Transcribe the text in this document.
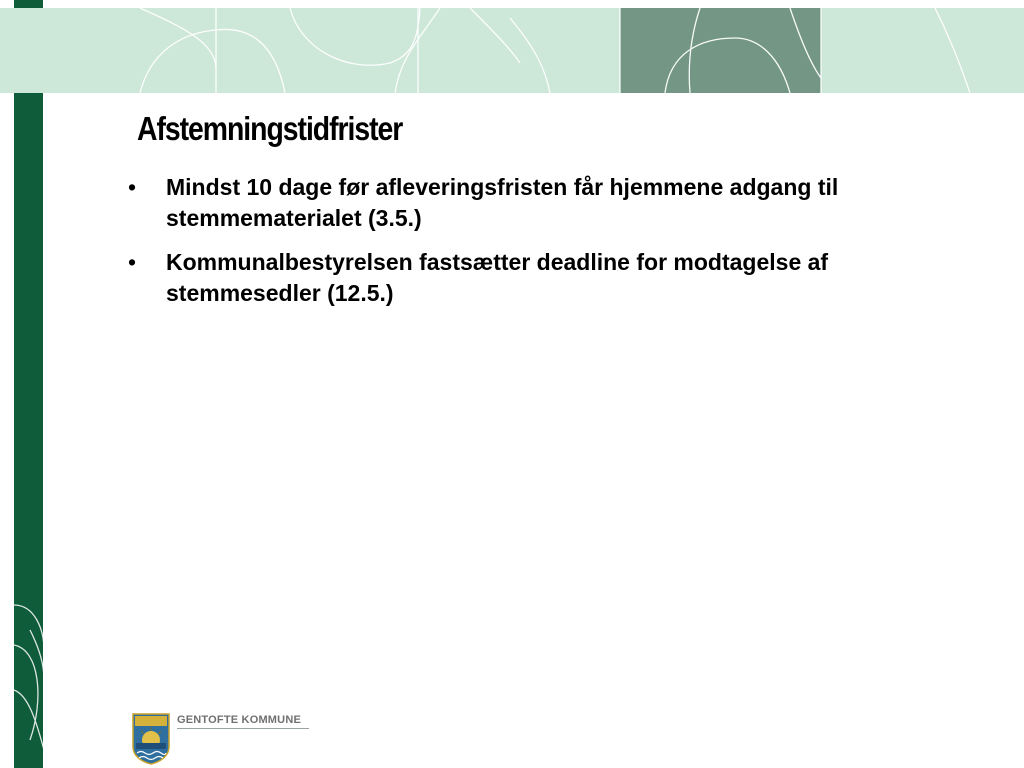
Afstemningstidfrister
• Mindst 10 dage før afleveringsfristen får hjemmene adgang til stemmematerialet (3.5.)
• Kommunalbestyrelsen fastsætter deadline for modtagelse af stemmesedler (12.5.)
GENTOFTE KOMMUNE
